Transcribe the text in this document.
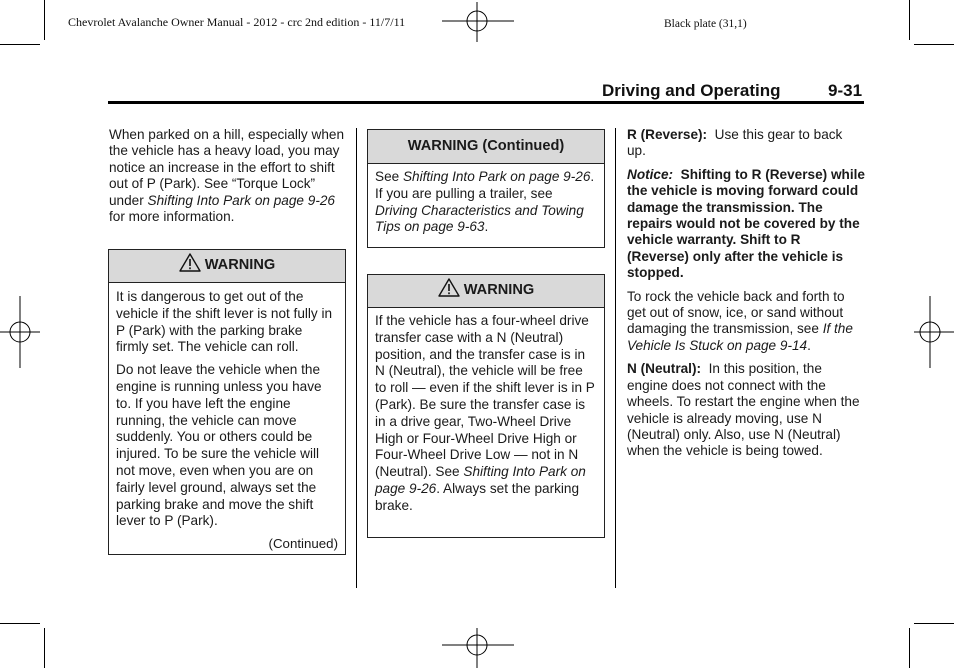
Chevrolet Avalanche Owner Manual - 2012 - crc 2nd edition - 11/7/11	Black plate (31,1)
Driving and Operating	9-31

When parked on a hill, especially when the vehicle has a heavy load, you may notice an increase in the effort to shift out of P (Park). See “Torque Lock” under Shifting Into Park on page 9-26 for more information.

WARNING

It is dangerous to get out of the vehicle if the shift lever is not fully in P (Park) with the parking brake firmly set. The vehicle can roll.

Do not leave the vehicle when the engine is running unless you have to. If you have left the engine running, the vehicle can move suddenly. You or others could be injured. To be sure the vehicle will not move, even when you are on fairly level ground, always set the parking brake and move the shift lever to P (Park).

(Continued)
WARNING (Continued)

See Shifting Into Park on page 9-26. If you are pulling a trailer, see Driving Characteristics and Towing Tips on page 9-63.

WARNING

If the vehicle has a four-wheel drive transfer case with a N (Neutral) position, and the transfer case is in N (Neutral), the vehicle will be free to roll — even if the shift lever is in P (Park). Be sure the transfer case is in a drive gear, Two-Wheel Drive High or Four-Wheel Drive High or Four-Wheel Drive Low — not in N (Neutral). See Shifting Into Park on page 9-26. Always set the parking brake.

R (Reverse): Use this gear to back up.

Notice: Shifting to R (Reverse) while the vehicle is moving forward could damage the transmission. The repairs would not be covered by the vehicle warranty. Shift to R (Reverse) only after the vehicle is stopped.

To rock the vehicle back and forth to get out of snow, ice, or sand without damaging the transmission, see If the Vehicle Is Stuck on page 9-14.

N (Neutral): In this position, the engine does not connect with the wheels. To restart the engine when the vehicle is already moving, use N (Neutral) only. Also, use N (Neutral) when the vehicle is being towed.
